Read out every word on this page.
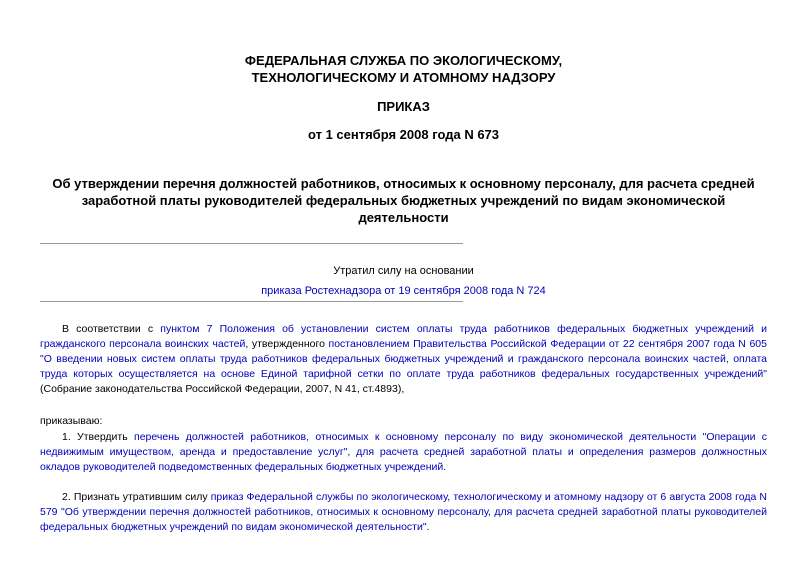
ФЕДЕРАЛЬНАЯ СЛУЖБА ПО ЭКОЛОГИЧЕСКОМУ,
ТЕХНОЛОГИЧЕСКОМУ И АТОМНОМУ НАДЗОРУ
ПРИКАЗ
от 1 сентября 2008 года N 673
Об утверждении перечня должностей работников, относимых к основному персоналу, для расчета средней заработной платы руководителей федеральных бюджетных учреждений по видам экономической деятельности
Утратил силу на основании
приказа Ростехнадзора от 19 сентября 2008 года N 724
В соответствии с пунктом 7 Положения об установлении систем оплаты труда работников федеральных бюджетных учреждений и гражданского персонала воинских частей, утвержденного постановлением Правительства Российской Федерации от 22 сентября 2007 года N 605 "О введении новых систем оплаты труда работников федеральных бюджетных учреждений и гражданского персонала воинских частей, оплата труда которых осуществляется на основе Единой тарифной сетки по оплате труда работников федеральных государственных учреждений" (Собрание законодательства Российской Федерации, 2007, N 41, ст.4893),
приказываю:
1. Утвердить перечень должностей работников, относимых к основному персоналу по виду экономической деятельности "Операции с недвижимым имуществом, аренда и предоставление услуг", для расчета средней заработной платы и определения размеров должностных окладов руководителей подведомственных федеральных бюджетных учреждений.
2. Признать утратившим силу приказ Федеральной службы по экологическому, технологическому и атомному надзору от 6 августа 2008 года N 579 "Об утверждении перечня должностей работников, относимых к основному персоналу, для расчета средней заработной платы руководителей федеральных бюджетных учреждений по видам экономической деятельности".
